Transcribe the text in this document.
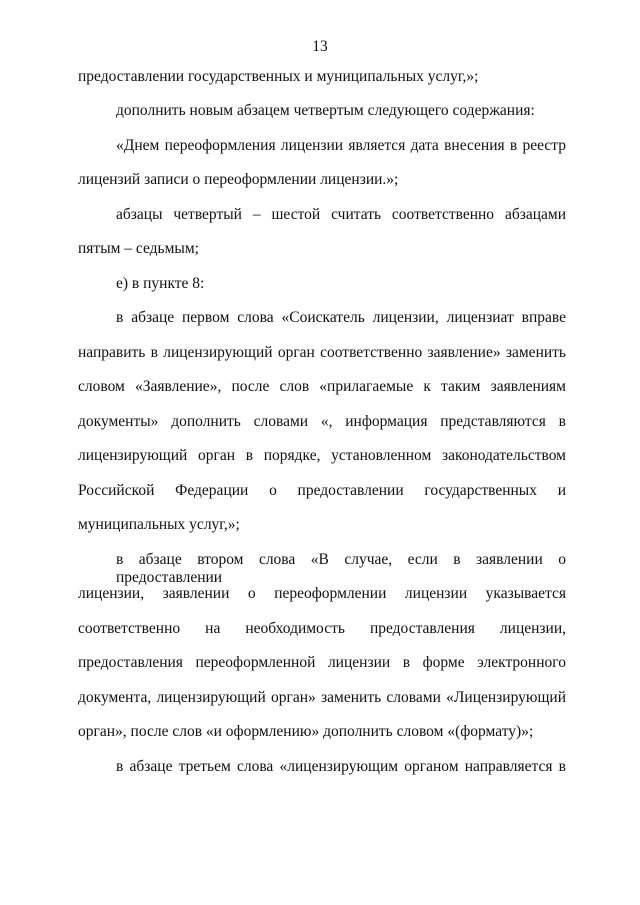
13
предоставлении государственных и муниципальных услуг,»;
дополнить новым абзацем четвертым следующего содержания:
«Днем переоформления лицензии является дата внесения в реестр
лицензий записи о переоформлении лицензии.»;
абзацы четвертый – шестой считать соответственно абзацами
пятым – седьмым;
е) в пункте 8:
в абзаце первом слова «Соискатель лицензии, лицензиат вправе
направить в лицензирующий орган соответственно заявление» заменить
словом «Заявление», после слов «прилагаемые к таким заявлениям
документы» дополнить словами «, информация представляются в
лицензирующий орган в порядке, установленном законодательством
Российской Федерации о предоставлении государственных и
муниципальных услуг,»;
в абзаце втором слова «В случае, если в заявлении о предоставлении
лицензии, заявлении о переоформлении лицензии указывается
соответственно на необходимость предоставления лицензии,
предоставления переоформленной лицензии в форме электронного
документа, лицензирующий орган» заменить словами «Лицензирующий
орган», после слов «и оформлению» дополнить словом «(формату)»;
в абзаце третьем слова «лицензирующим органом направляется в
